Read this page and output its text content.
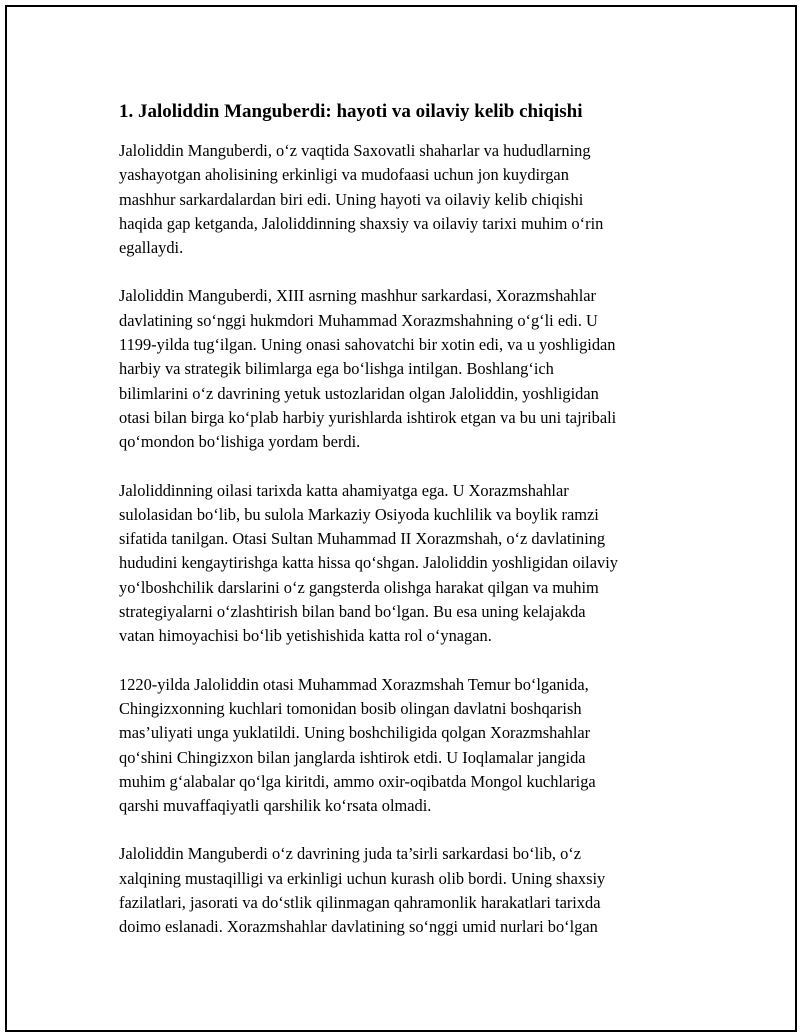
1. Jaloliddin Manguberdi: hayoti va oilaviy kelib chiqishi

Jaloliddin Manguberdi, o‘z vaqtida Saxovatli shaharlar va hududlarning
yashayotgan aholisining erkinligi va mudofaasi uchun jon kuydirgan
mashhur sarkardalardan biri edi. Uning hayoti va oilaviy kelib chiqishi
haqida gap ketganda, Jaloliddinning shaxsiy va oilaviy tarixi muhim o‘rin
egallaydi.

Jaloliddin Manguberdi, XIII asrning mashhur sarkardasi, Xorazmshahlar
davlatining so‘nggi hukmdori Muhammad Xorazmshahning o‘g‘li edi. U
1199-yilda tug‘ilgan. Uning onasi sahovatchi bir xotin edi, va u yoshligidan
harbiy va strategik bilimlarga ega bo‘lishga intilgan. Boshlang‘ich
bilimlarini o‘z davrining yetuk ustozlaridan olgan Jaloliddin, yoshligidan
otasi bilan birga ko‘plab harbiy yurishlarda ishtirok etgan va bu uni tajribali
qo‘mondon bo‘lishiga yordam berdi.

Jaloliddinning oilasi tarixda katta ahamiyatga ega. U Xorazmshahlar
sulolasidan bo‘lib, bu sulola Markaziy Osiyoda kuchlilik va boylik ramzi
sifatida tanilgan. Otasi Sultan Muhammad II Xorazmshah, o‘z davlatining
hududini kengaytirishga katta hissa qo‘shgan. Jaloliddin yoshligidan oilaviy
yo‘lboshchilik darslarini o‘z gangsterda olishga harakat qilgan va muhim
strategiyalarni o‘zlashtirish bilan band bo‘lgan. Bu esa uning kelajakda
vatan himoyachisi bo‘lib yetishishida katta rol o‘ynagan.

1220-yilda Jaloliddin otasi Muhammad Xorazmshah Temur bo‘lganida,
Chingizxonning kuchlari tomonidan bosib olingan davlatni boshqarish
mas’uliyati unga yuklatildi. Uning boshchiligida qolgan Xorazmshahlar
qo‘shini Chingizxon bilan janglarda ishtirok etdi. U Ioqlamalar jangida
muhim g‘alabalar qo‘lga kiritdi, ammo oxir-oqibatda Mongol kuchlariga
qarshi muvaffaqiyatli qarshilik ko‘rsata olmadi.

Jaloliddin Manguberdi o‘z davrining juda ta’sirli sarkardasi bo‘lib, o‘z
xalqining mustaqilligi va erkinligi uchun kurash olib bordi. Uning shaxsiy
fazilatlari, jasorati va do‘stlik qilinmagan qahramonlik harakatlari tarixda
doimo eslanadi. Xorazmshahlar davlatining so‘nggi umid nurlari bo‘lgan
